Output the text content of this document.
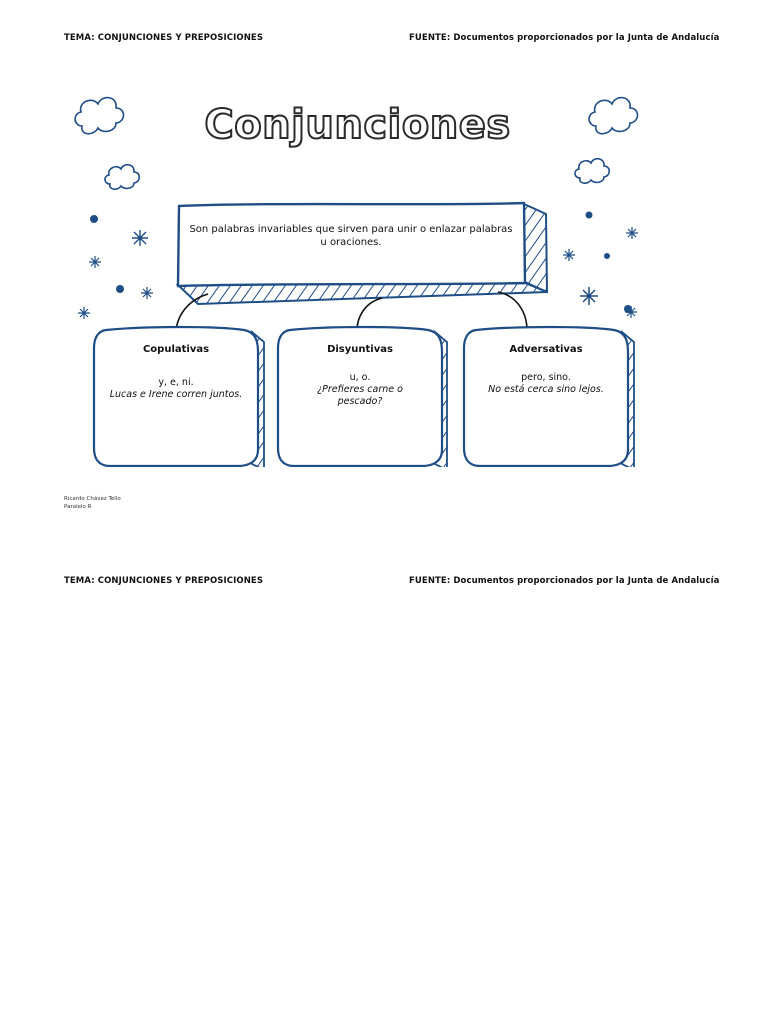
TEMA: CONJUNCIONES Y PREPOSICIONES	FUENTE: Documentos proporcionados por la Junta de Andalucía
Conjunciones
Son palabras invariables que sirven para unir o enlazar palabras u oraciones.
Copulativas
y, e, ni.
Lucas e Irene corren juntos.
Disyuntivas
u, o.
¿Prefieres carne o pescado?
Adversativas
pero, sino.
No está cerca sino lejos.
Ricardo Chávez Tello
Paralelo R
TEMA: CONJUNCIONES Y PREPOSICIONES	FUENTE: Documentos proporcionados por la Junta de Andalucía
